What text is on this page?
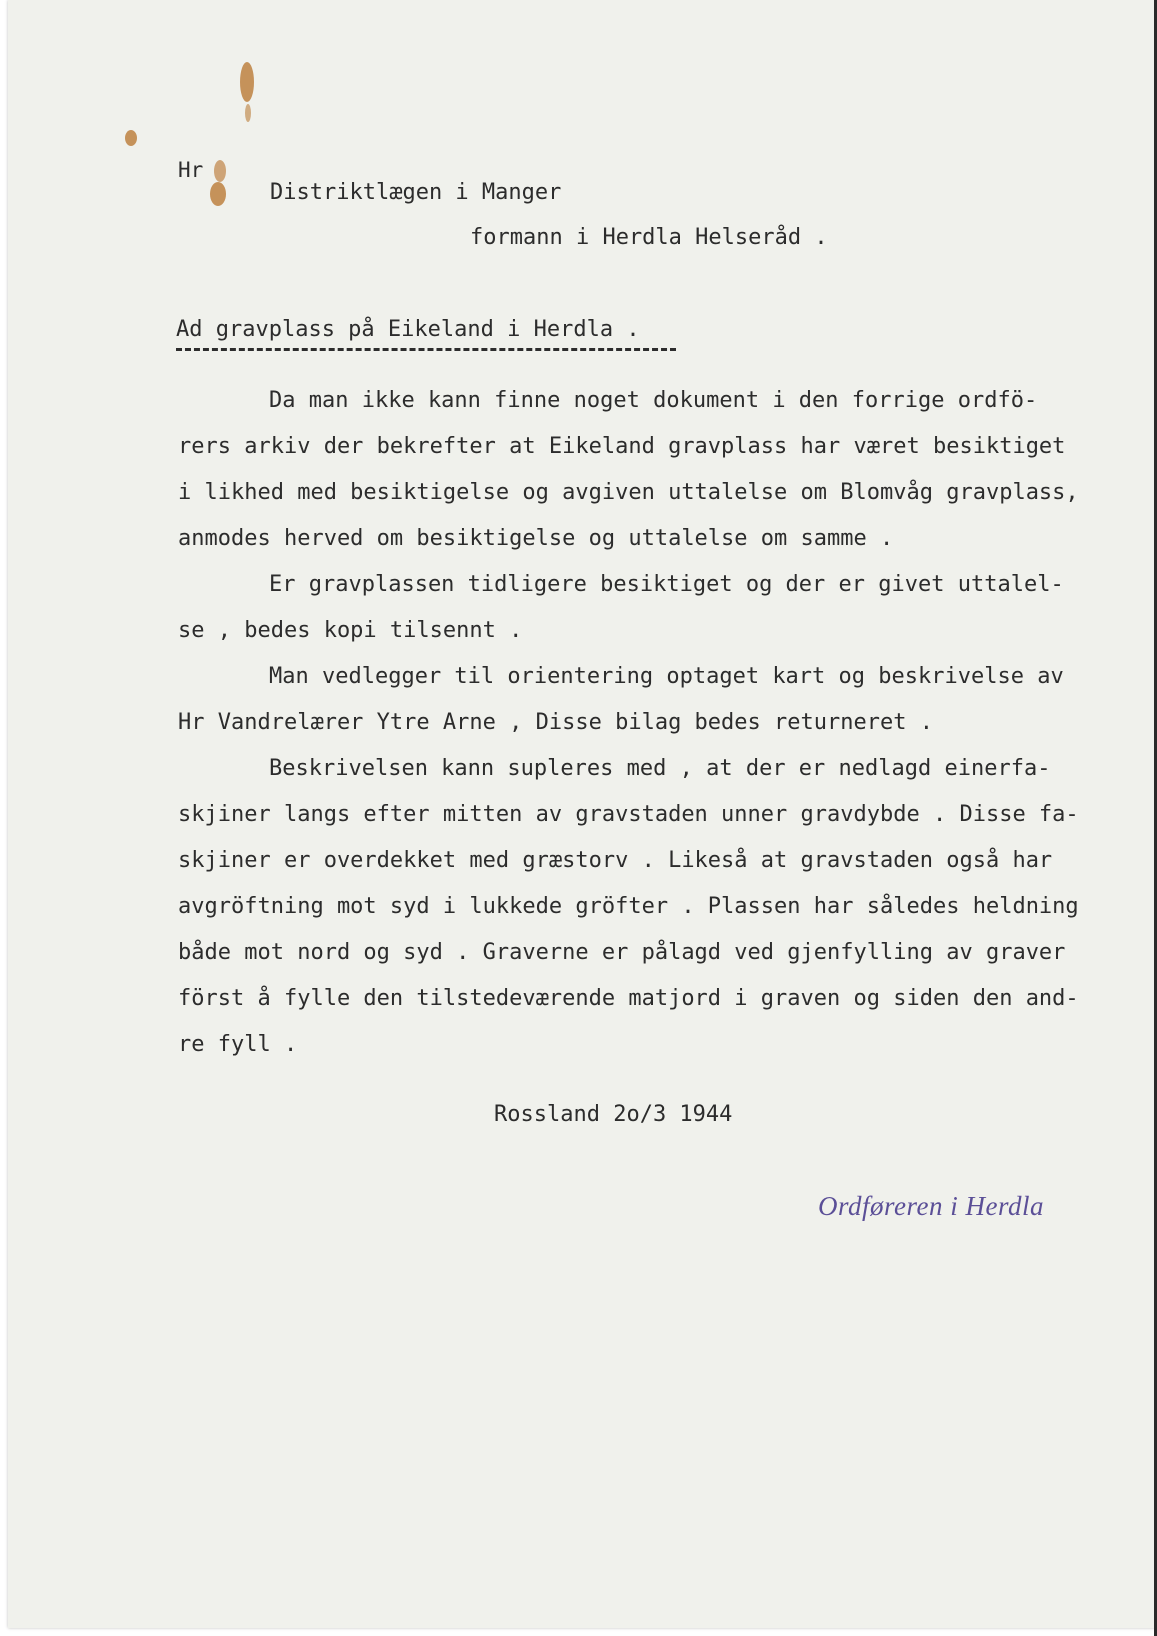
Hr

Distriktlægen i Manger

formann i Herdla Helseråd .

Ad gravplass på Eikeland i Herdla .

Da man ikke kann finne noget dokument i den forrige ordfö-

rers arkiv der bekrefter at Eikeland gravplass har været besiktiget

i likhed med besiktigelse og avgiven uttalelse om Blomvåg gravplass,

anmodes herved om besiktigelse og uttalelse om samme .

Er gravplassen tidligere besiktiget og der er givet uttalel-

se , bedes kopi tilsennt .

Man vedlegger til orientering optaget kart og beskrivelse av

Hr Vandrelærer Ytre Arne , Disse bilag bedes returneret .

Beskrivelsen kann supleres med , at der er nedlagd einerfa-

skjiner langs efter mitten av gravstaden unner gravdybde . Disse fa-

skjiner er overdekket med græstorv . Likeså at gravstaden også har

avgröftning mot syd i lukkede gröfter . Plassen har således heldning

både mot nord og syd . Graverne er pålagd ved gjenfylling av graver

först å fylle den tilstedeværende matjord i graven og siden den and-

re fyll .

Rossland 2o/3 1944

Ordføreren i Herdla
